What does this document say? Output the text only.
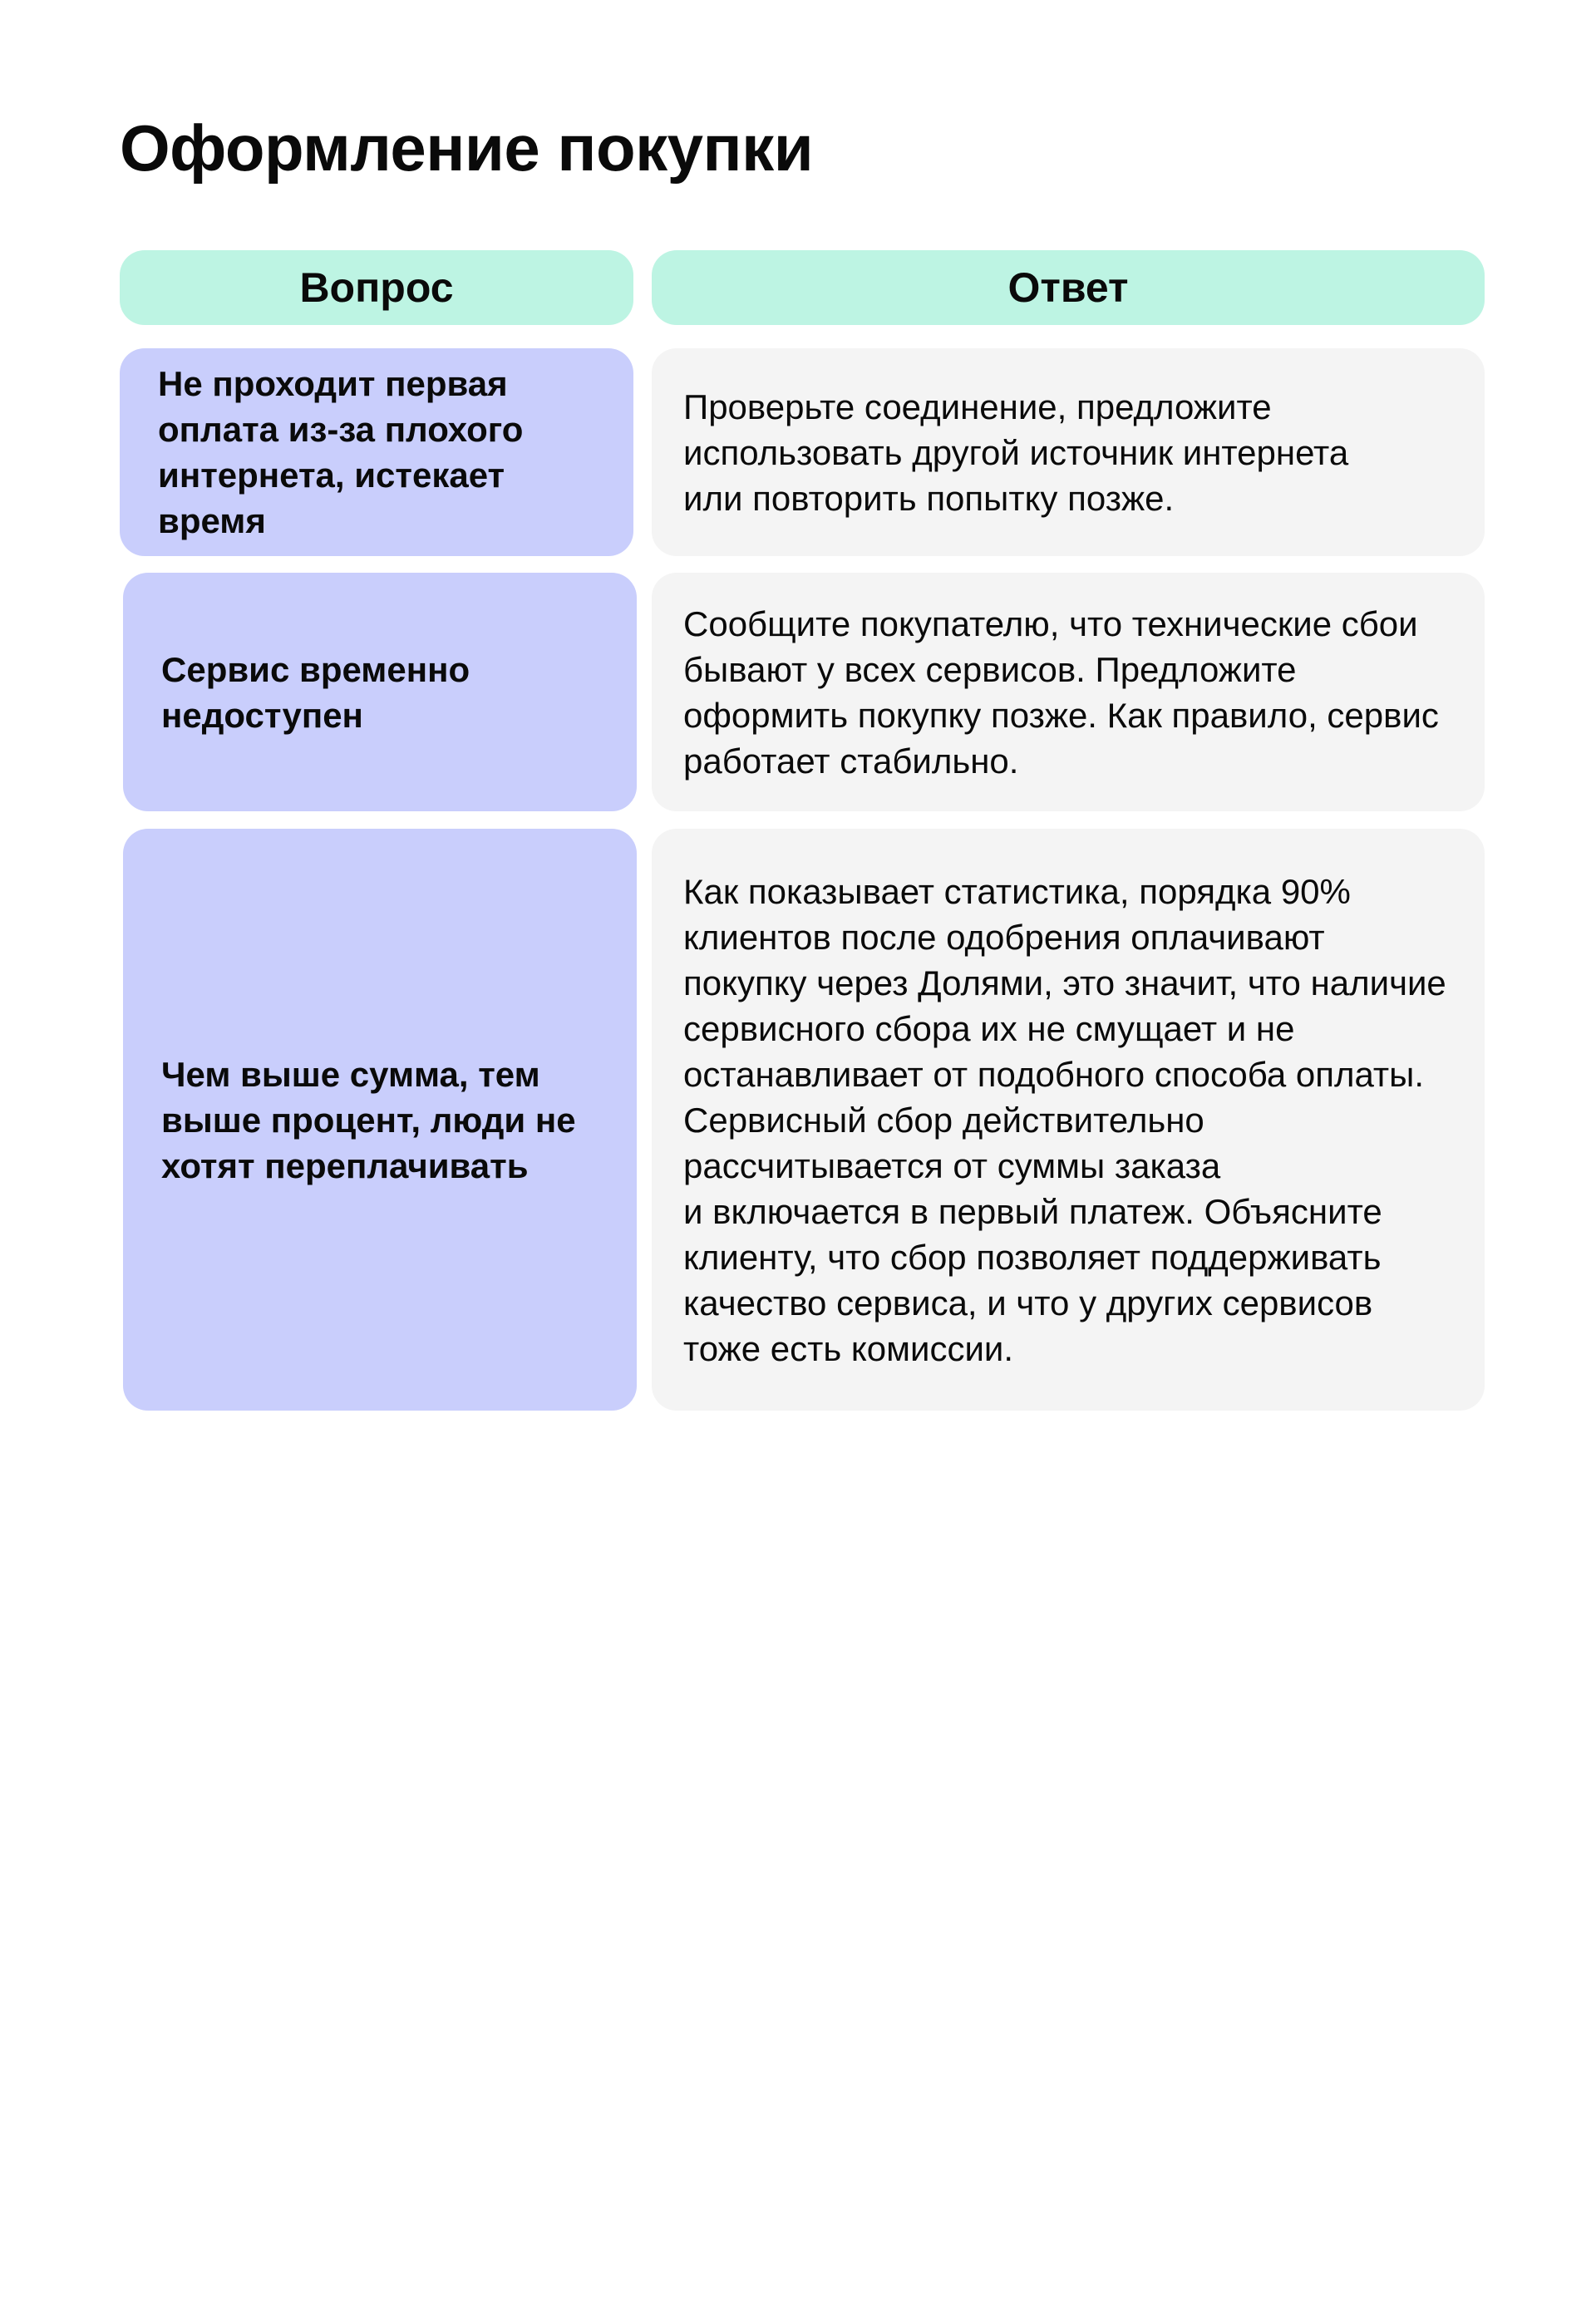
Оформление покупки
Вопрос	Ответ
Не проходит первая оплата из-за плохого интернета, истекает время
Проверьте соединение, предложите использовать другой источник интернета или повторить попытку позже.
Сервис временно недоступен
Сообщите покупателю, что технические сбои бывают у всех сервисов. Предложите оформить покупку позже. Как правило, сервис работает стабильно.
Чем выше сумма, тем выше процент, люди не хотят переплачивать
Как показывает статистика, порядка 90% клиентов после одобрения оплачивают покупку через Долями, это значит, что наличие сервисного сбора их не смущает и не останавливает от подобного способа оплаты. Сервисный сбор действительно рассчитывается от суммы заказа
и включается в первый платеж. Объясните клиенту, что сбор позволяет поддерживать качество сервиса, и что у других сервисов тоже есть комиссии.
